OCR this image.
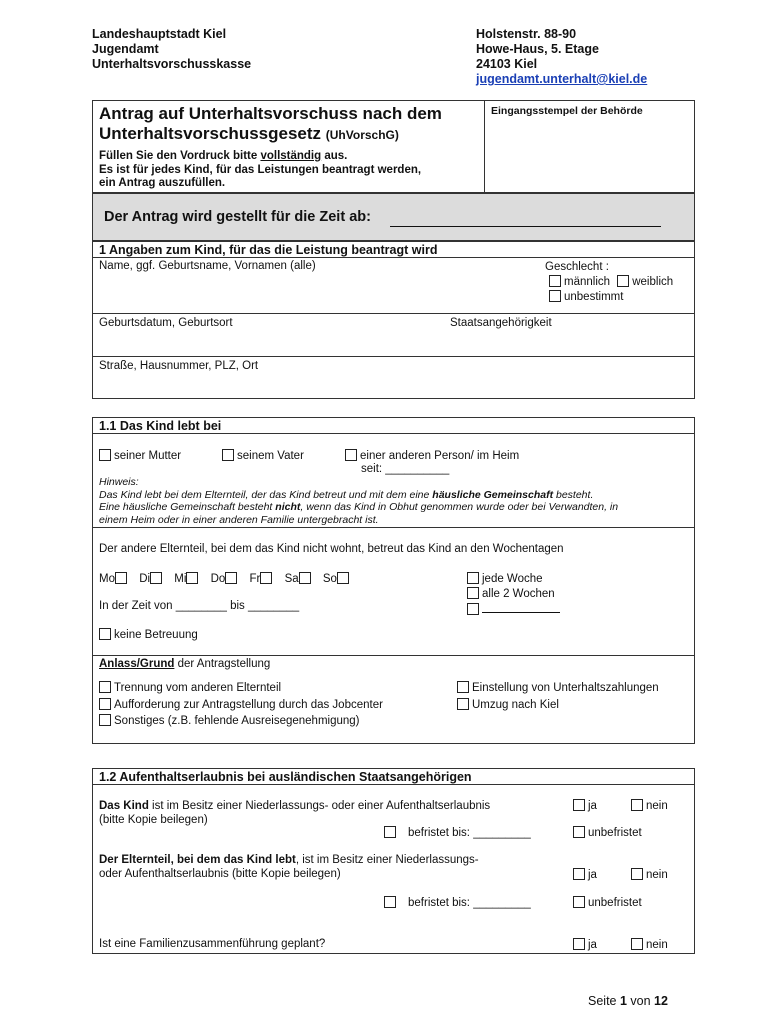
Landeshauptstadt Kiel
Jugendamt
Unterhaltsvorschusskasse
Holstenstr. 88-90
Howe-Haus, 5. Etage
24103 Kiel
jugendamt.unterhalt@kiel.de
Antrag auf Unterhaltsvorschuss nach dem
Unterhaltsvorschussgesetz (UhVorschG)
Füllen Sie den Vordruck bitte vollständig aus.
Es ist für jedes Kind, für das Leistungen beantragt werden,
ein Antrag auszufüllen.
Eingangsstempel der Behörde
Der Antrag wird gestellt für die Zeit ab:
1 Angaben zum Kind, für das die Leistung beantragt wird
Name, ggf. Geburtsname, Vornamen (alle)	Geschlecht :
männlich weiblich
unbestimmt
Geburtsdatum, Geburtsort	Staatsangehörigkeit
Straße, Hausnummer, PLZ, Ort
1.1 Das Kind lebt bei
seiner Mutter	seinem Vater	einer anderen Person/ im Heim
seit: __________
Hinweis:
Das Kind lebt bei dem Elternteil, der das Kind betreut und mit dem eine häusliche Gemeinschaft besteht.
Eine häusliche Gemeinschaft besteht nicht, wenn das Kind in Obhut genommen wurde oder bei Verwandten, in
einem Heim oder in einer anderen Familie untergebracht ist.
Der andere Elternteil, bei dem das Kind nicht wohnt, betreut das Kind an den Wochentagen
Mo Di Mi Do Fr Sa So	jede Woche
alle 2 Wochen
In der Zeit von ________ bis ________
keine Betreuung
Anlass/Grund der Antragstellung
Trennung vom anderen Elternteil
Aufforderung zur Antragstellung durch das Jobcenter
Sonstiges (z.B. fehlende Ausreisegenehmigung)
Einstellung von Unterhaltszahlungen
Umzug nach Kiel
1.2 Aufenthaltserlaubnis bei ausländischen Staatsangehörigen
Das Kind ist im Besitz einer Niederlassungs- oder einer Aufenthaltserlaubnis
(bitte Kopie beilegen)
ja	nein
befristet bis: _________	unbefristet
Der Elternteil, bei dem das Kind lebt, ist im Besitz einer Niederlassungs-
oder Aufenthaltserlaubnis (bitte Kopie beilegen)	ja	nein
befristet bis: _________	unbefristet
Ist eine Familienzusammenführung geplant?	ja	nein
Seite 1 von 12
